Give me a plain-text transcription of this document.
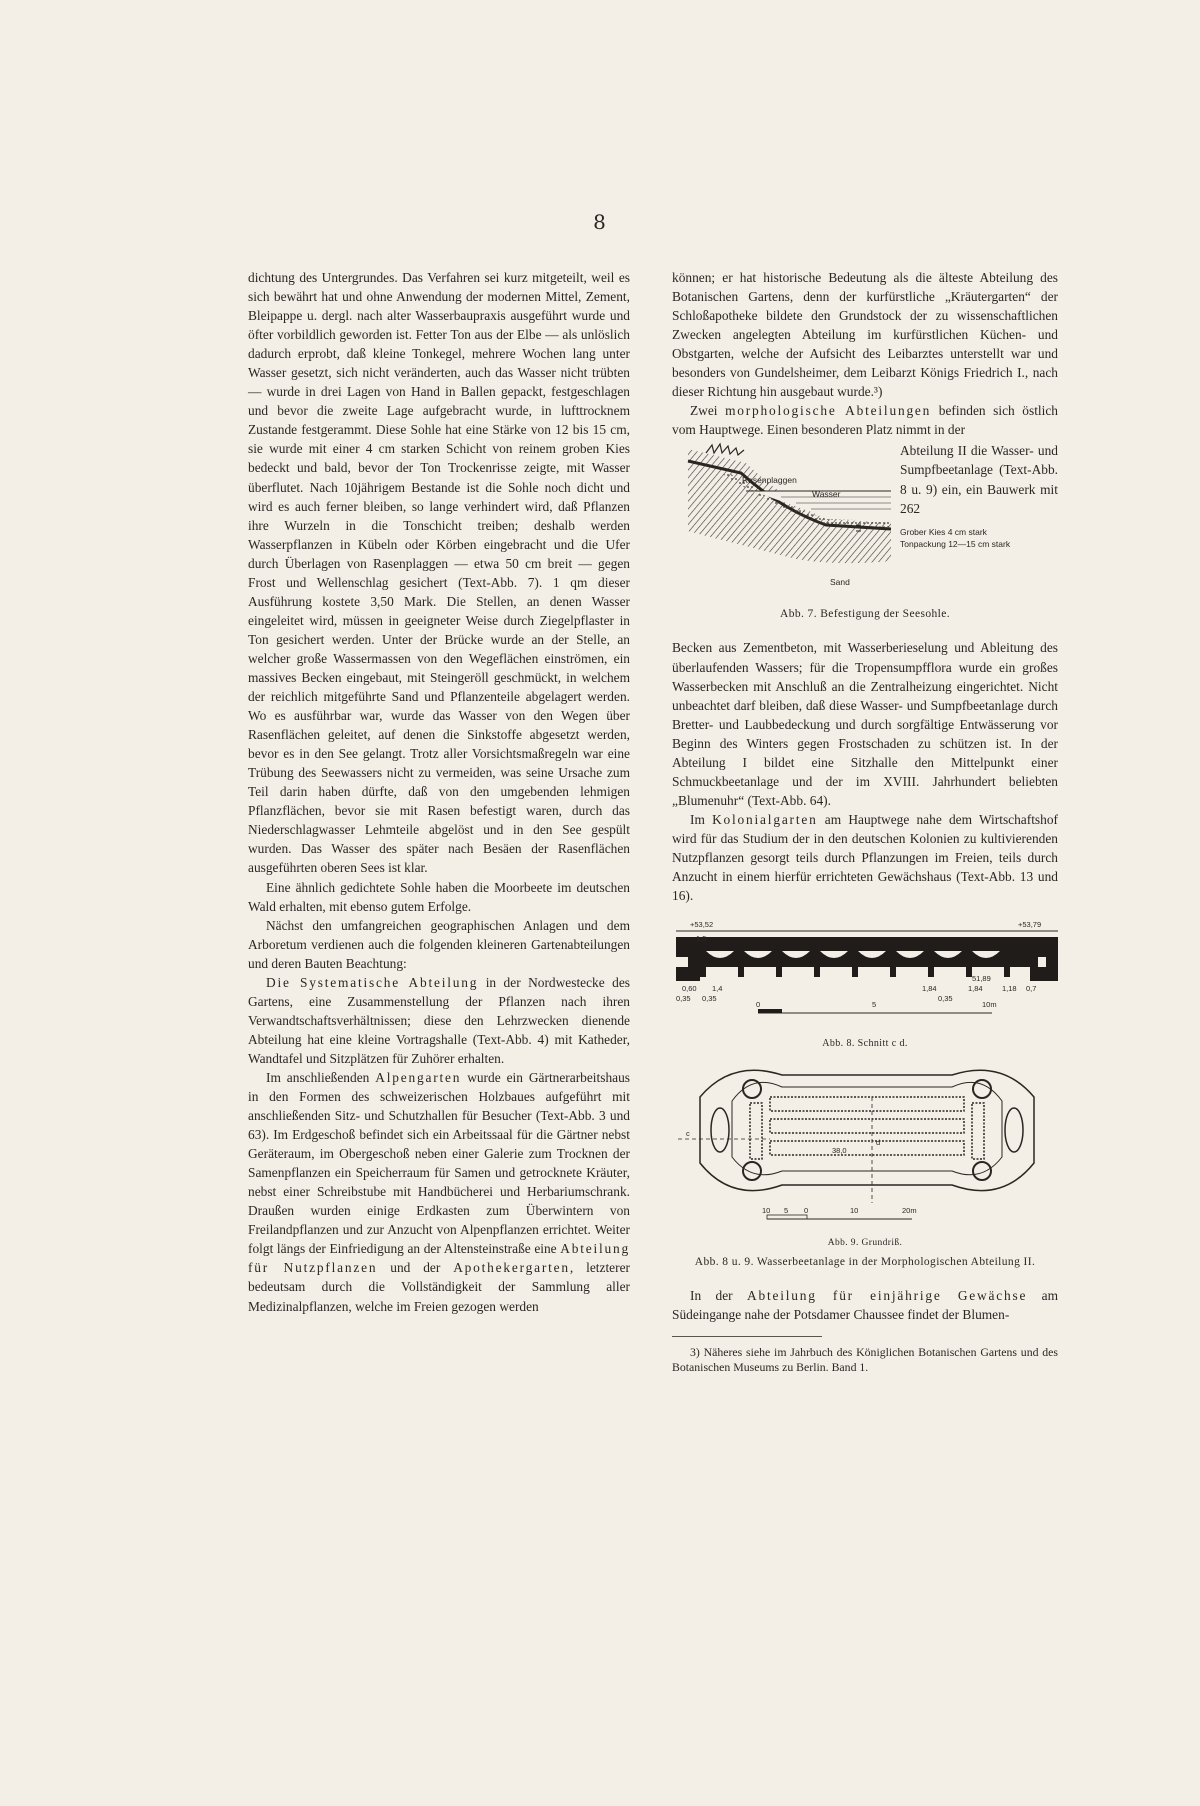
8

dichtung des Untergrundes. Das Verfahren sei kurz mitgeteilt, weil es sich bewährt hat und ohne Anwendung der modernen Mittel, Zement, Bleipappe u. dergl. nach alter Wasserbaupraxis ausgeführt wurde und öfter vorbildlich geworden ist. Fetter Ton aus der Elbe — als unlöslich dadurch erprobt, daß kleine Tonkegel, mehrere Wochen lang unter Wasser gesetzt, sich nicht veränderten, auch das Wasser nicht trübten — wurde in drei Lagen von Hand in Ballen gepackt, festgeschlagen und bevor die zweite Lage aufgebracht wurde, in lufttrocknem Zustande festgerammt. Diese Sohle hat eine Stärke von 12 bis 15 cm, sie wurde mit einer 4 cm starken Schicht von reinem groben Kies bedeckt und bald, bevor der Ton Trockenrisse zeigte, mit Wasser überflutet. Nach 10jährigem Bestande ist die Sohle noch dicht und wird es auch ferner bleiben, so lange verhindert wird, daß Pflanzen ihre Wurzeln in die Tonschicht treiben; deshalb werden Wasserpflanzen in Kübeln oder Körben eingebracht und die Ufer durch Überlagen von Rasenplaggen — etwa 50 cm breit — gegen Frost und Wellenschlag gesichert (Text-Abb. 7). 1 qm dieser Ausführung kostete 3,50 Mark. Die Stellen, an denen Wasser eingeleitet wird, müssen in geeigneter Weise durch Ziegelpflaster in Ton gesichert werden. Unter der Brücke wurde an der Stelle, an welcher große Wassermassen von den Wegeflächen einströmen, ein massives Becken eingebaut, mit Steingeröll geschmückt, in welchem der reichlich mitgeführte Sand und Pflanzenteile abgelagert werden. Wo es ausführbar war, wurde das Wasser von den Wegen über Rasenflächen geleitet, auf denen die Sinkstoffe abgesetzt werden, bevor es in den See gelangt. Trotz aller Vorsichtsmaßregeln war eine Trübung des Seewassers nicht zu vermeiden, was seine Ursache zum Teil darin haben dürfte, daß von den umgebenden lehmigen Pflanzflächen, bevor sie mit Rasen befestigt waren, durch das Niederschlagwasser Lehmteile abgelöst und in den See gespült wurden. Das Wasser des später nach Besäen der Rasenflächen ausgeführten oberen Sees ist klar.

Eine ähnlich gedichtete Sohle haben die Moorbeete im deutschen Wald erhalten, mit ebenso gutem Erfolge.

Nächst den umfangreichen geographischen Anlagen und dem Arboretum verdienen auch die folgenden kleineren Gartenabteilungen und deren Bauten Beachtung:

Die Systematische Abteilung in der Nordwestecke des Gartens, eine Zusammenstellung der Pflanzen nach ihren Verwandtschaftsverhältnissen; diese den Lehrzwecken dienende Abteilung hat eine kleine Vortragshalle (Text-Abb. 4) mit Katheder, Wandtafel und Sitzplätzen für Zuhörer erhalten.

Im anschließenden Alpengarten wurde ein Gärtnerarbeitshaus in den Formen des schweizerischen Holzbaues aufgeführt mit anschließenden Sitz- und Schutzhallen für Besucher (Text-Abb. 3 und 63). Im Erdgeschoß befindet sich ein Arbeitssaal für die Gärtner nebst Geräteraum, im Obergeschoß neben einer Galerie zum Trocknen der Samenpflanzen ein Speicherraum für Samen und getrocknete Kräuter, nebst einer Schreibstube mit Handbücherei und Herbariumschrank. Draußen wurden einige Erdkasten zum Überwintern von Freilandpflanzen und zur Anzucht von Alpenpflanzen errichtet. Weiter folgt längs der Einfriedigung an der Altensteinstraße eine Abteilung für Nutzpflanzen und der Apothekergarten, letzterer bedeutsam durch die Vollständigkeit der Sammlung aller Medizinalpflanzen, welche im Freien gezogen werden

können; er hat historische Bedeutung als die älteste Abteilung des Botanischen Gartens, denn der kurfürstliche „Kräutergarten“ der Schloßapotheke bildete den Grundstock der zu wissenschaftlichen Zwecken angelegten Abteilung im kurfürstlichen Küchen- und Obstgarten, welche der Aufsicht des Leibarztes unterstellt war und besonders von Gundelsheimer, dem Leibarzt Königs Friedrich I., nach dieser Richtung hin ausgebaut wurde.³)

Zwei morphologische Abteilungen befinden sich östlich vom Hauptwege. Einen besonderen Platz nimmt in der

Rasenplaggen
Wasser
Grober Kies 4 cm stark
Tonpackung 12—15 cm stark
Sand
Abteilung II die Wasser- und Sumpfbeetanlage (Text-Abb. 8 u. 9) ein, ein Bauwerk mit 262
Abb. 7. Befestigung der Seesohle.

Becken aus Zementbeton, mit Wasserberieselung und Ableitung des überlaufenden Wassers; für die Tropensumpfflora wurde ein großes Wasserbecken mit Anschluß an die Zentralheizung eingerichtet. Nicht unbeachtet darf bleiben, daß diese Wasser- und Sumpfbeetanlage durch Bretter- und Laubbedeckung und durch sorgfältige Entwässerung vor Beginn des Winters gegen Frostschaden zu schützen ist. In der Abteilung I bildet eine Sitzhalle den Mittelpunkt einer Schmuckbeetanlage und der im XVIII. Jahrhundert beliebten „Blumenuhr“ (Text-Abb. 64).

Im Kolonialgarten am Hauptwege nahe dem Wirtschaftshof wird für das Studium der in den deutschen Kolonien zu kultivierenden Nutzpflanzen gesorgt teils durch Pflanzungen im Freien, teils durch Anzucht in einem hierfür errichteten Gewächshaus (Text-Abb. 13 und 16).

+53,52	+53,79
1,5
0,60 1,4
0,35 0,35
1,84
0,35
1,84	1,18 0,7
51,89
0	5	10m
Abb. 8. Schnitt c d.
c
d
38,0
10 5 0	10	20m
Abb. 9. Grundriß.
Abb. 8 u. 9. Wasserbeetanlage in der Morphologischen Abteilung II.

In der Abteilung für einjährige Gewächse am Südeingange nahe der Potsdamer Chaussee findet der Blumen-

3) Näheres siehe im Jahrbuch des Königlichen Botanischen Gartens und des Botanischen Museums zu Berlin. Band 1.
